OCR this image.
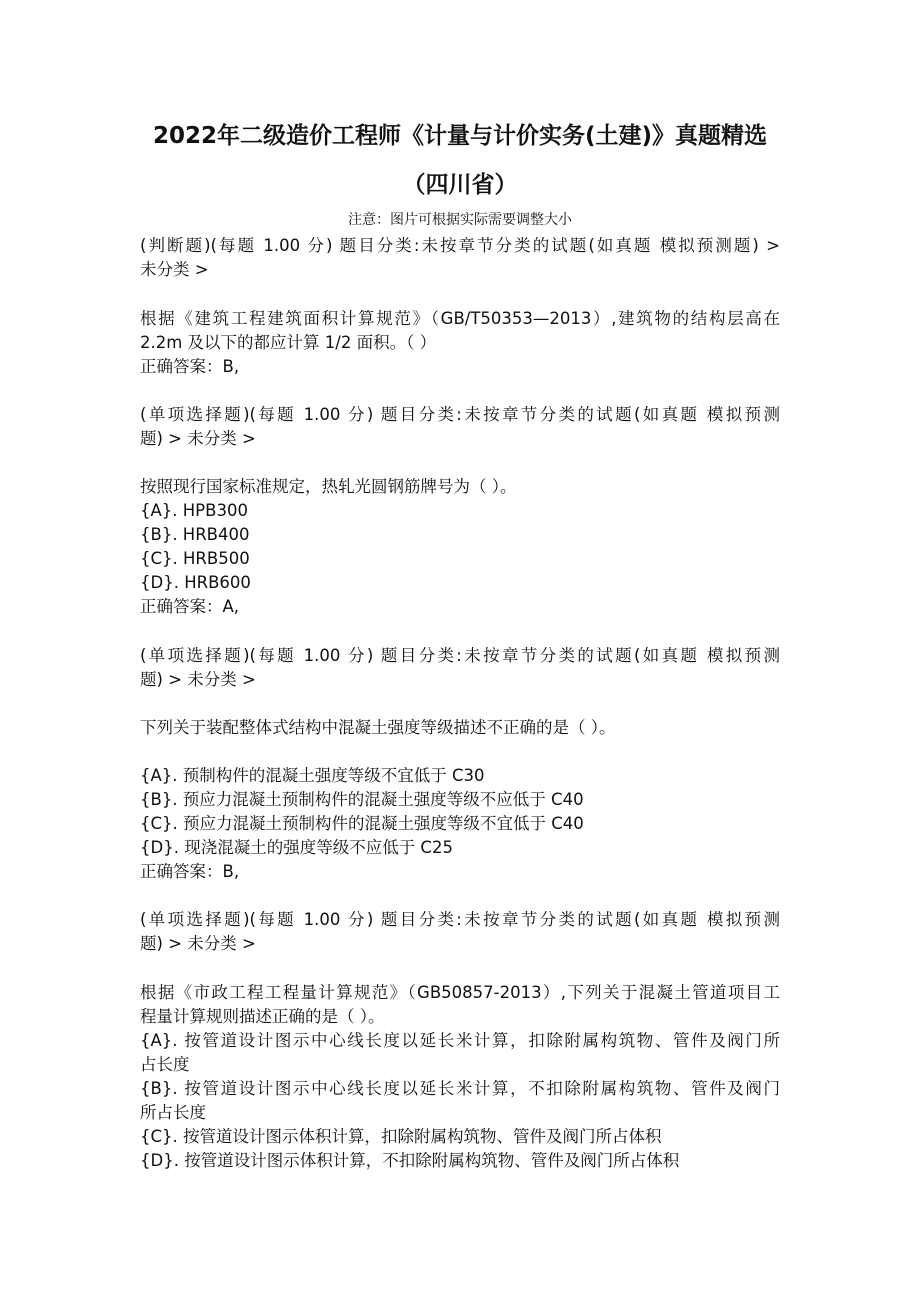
2022年二级造价工程师《计量与计价实务(土建)》真题精选
（四川省）
注意：图片可根据实际需要调整大小
(判断题)(每题 1.00 分) 题目分类:未按章节分类的试题(如真题 模拟预测题) >
未分类 >
根据《建筑工程建筑面积计算规范》（GB/T50353—2013）,建筑物的结构层高在
2.2m 及以下的都应计算 1/2 面积。（ ）
正确答案：B,
(单项选择题)(每题 1.00 分) 题目分类:未按章节分类的试题(如真题 模拟预测
题) > 未分类 >
按照现行国家标准规定，热轧光圆钢筋牌号为（ ）。
{A}. HPB300
{B}. HRB400
{C}. HRB500
{D}. HRB600
正确答案：A,
(单项选择题)(每题 1.00 分) 题目分类:未按章节分类的试题(如真题 模拟预测
题) > 未分类 >
下列关于装配整体式结构中混凝土强度等级描述不正确的是（ ）。
{A}. 预制构件的混凝土强度等级不宜低于 C30
{B}. 预应力混凝土预制构件的混凝土强度等级不应低于 C40
{C}. 预应力混凝土预制构件的混凝土强度等级不宜低于 C40
{D}. 现浇混凝土的强度等级不应低于 C25
正确答案：B,
(单项选择题)(每题 1.00 分) 题目分类:未按章节分类的试题(如真题 模拟预测
题) > 未分类 >
根据《市政工程工程量计算规范》（GB50857-2013）,下列关于混凝土管道项目工
程量计算规则描述正确的是（ ）。
{A}. 按管道设计图示中心线长度以延长米计算，扣除附属构筑物、管件及阀门所
占长度
{B}. 按管道设计图示中心线长度以延长米计算，不扣除附属构筑物、管件及阀门
所占长度
{C}. 按管道设计图示体积计算，扣除附属构筑物、管件及阀门所占体积
{D}. 按管道设计图示体积计算，不扣除附属构筑物、管件及阀门所占体积
